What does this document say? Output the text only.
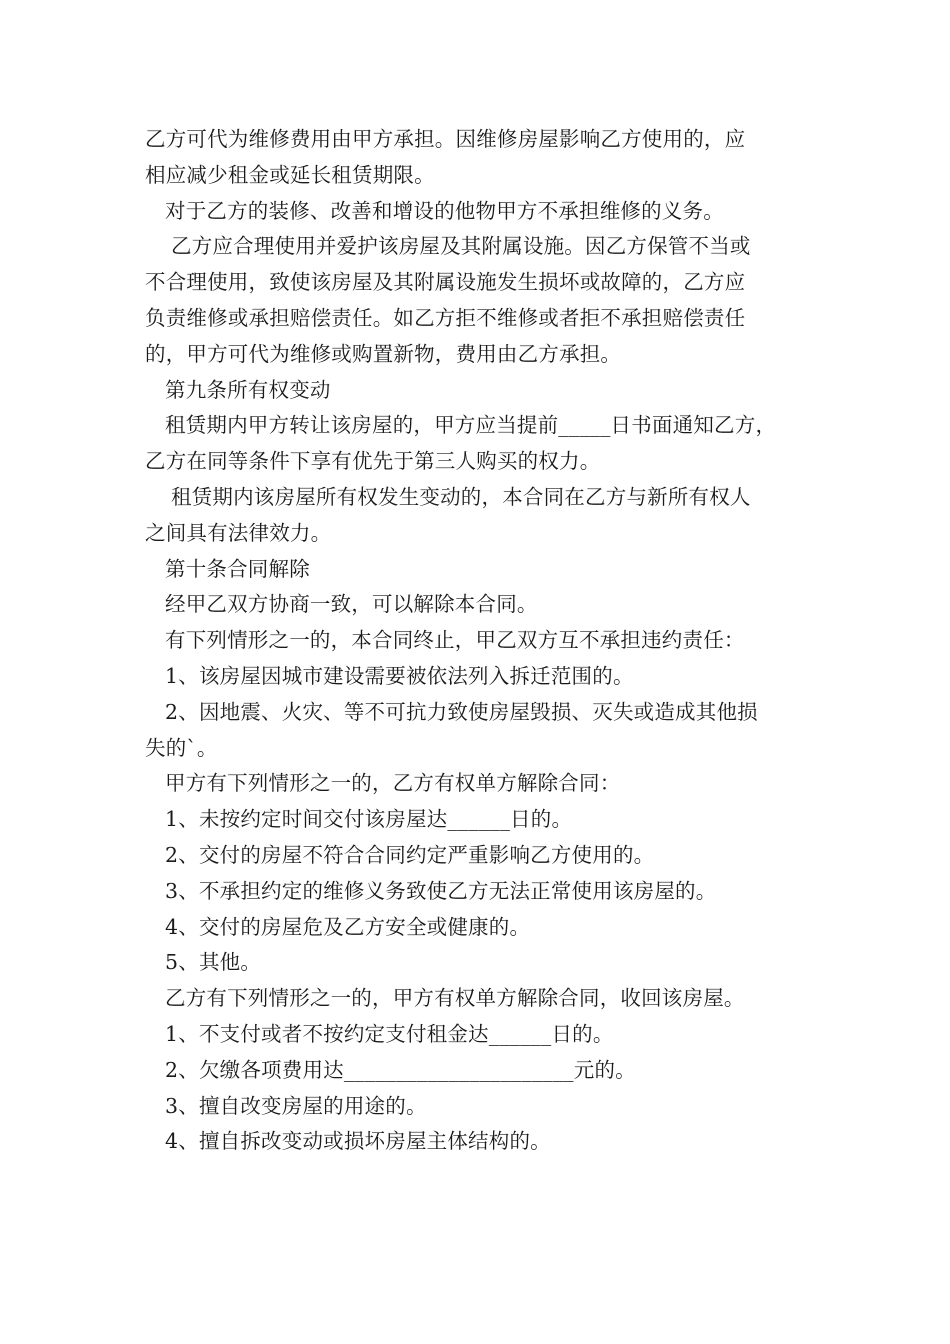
乙方可代为维修费用由甲方承担。因维修房屋影响乙方使用的，应
相应减少租金或延长租赁期限。
对于乙方的装修、改善和增设的他物甲方不承担维修的义务。
乙方应合理使用并爱护该房屋及其附属设施。因乙方保管不当或
不合理使用，致使该房屋及其附属设施发生损坏或故障的，乙方应
负责维修或承担赔偿责任。如乙方拒不维修或者拒不承担赔偿责任
的，甲方可代为维修或购置新物，费用由乙方承担。
第九条所有权变动
租赁期内甲方转让该房屋的，甲方应当提前_____日书面通知乙方，
乙方在同等条件下享有优先于第三人购买的权力。
租赁期内该房屋所有权发生变动的，本合同在乙方与新所有权人
之间具有法律效力。
第十条合同解除
经甲乙双方协商一致，可以解除本合同。
有下列情形之一的，本合同终止，甲乙双方互不承担违约责任：
1、该房屋因城市建设需要被依法列入拆迁范围的。
2、因地震、火灾、等不可抗力致使房屋毁损、灭失或造成其他损
失的`。
甲方有下列情形之一的，乙方有权单方解除合同：
1、未按约定时间交付该房屋达______日的。
2、交付的房屋不符合合同约定严重影响乙方使用的。
3、不承担约定的维修义务致使乙方无法正常使用该房屋的。
4、交付的房屋危及乙方安全或健康的。
5、其他。
乙方有下列情形之一的，甲方有权单方解除合同，收回该房屋。
1、不支付或者不按约定支付租金达______日的。
2、欠缴各项费用达______________________元的。
3、擅自改变房屋的用途的。
4、擅自拆改变动或损坏房屋主体结构的。
